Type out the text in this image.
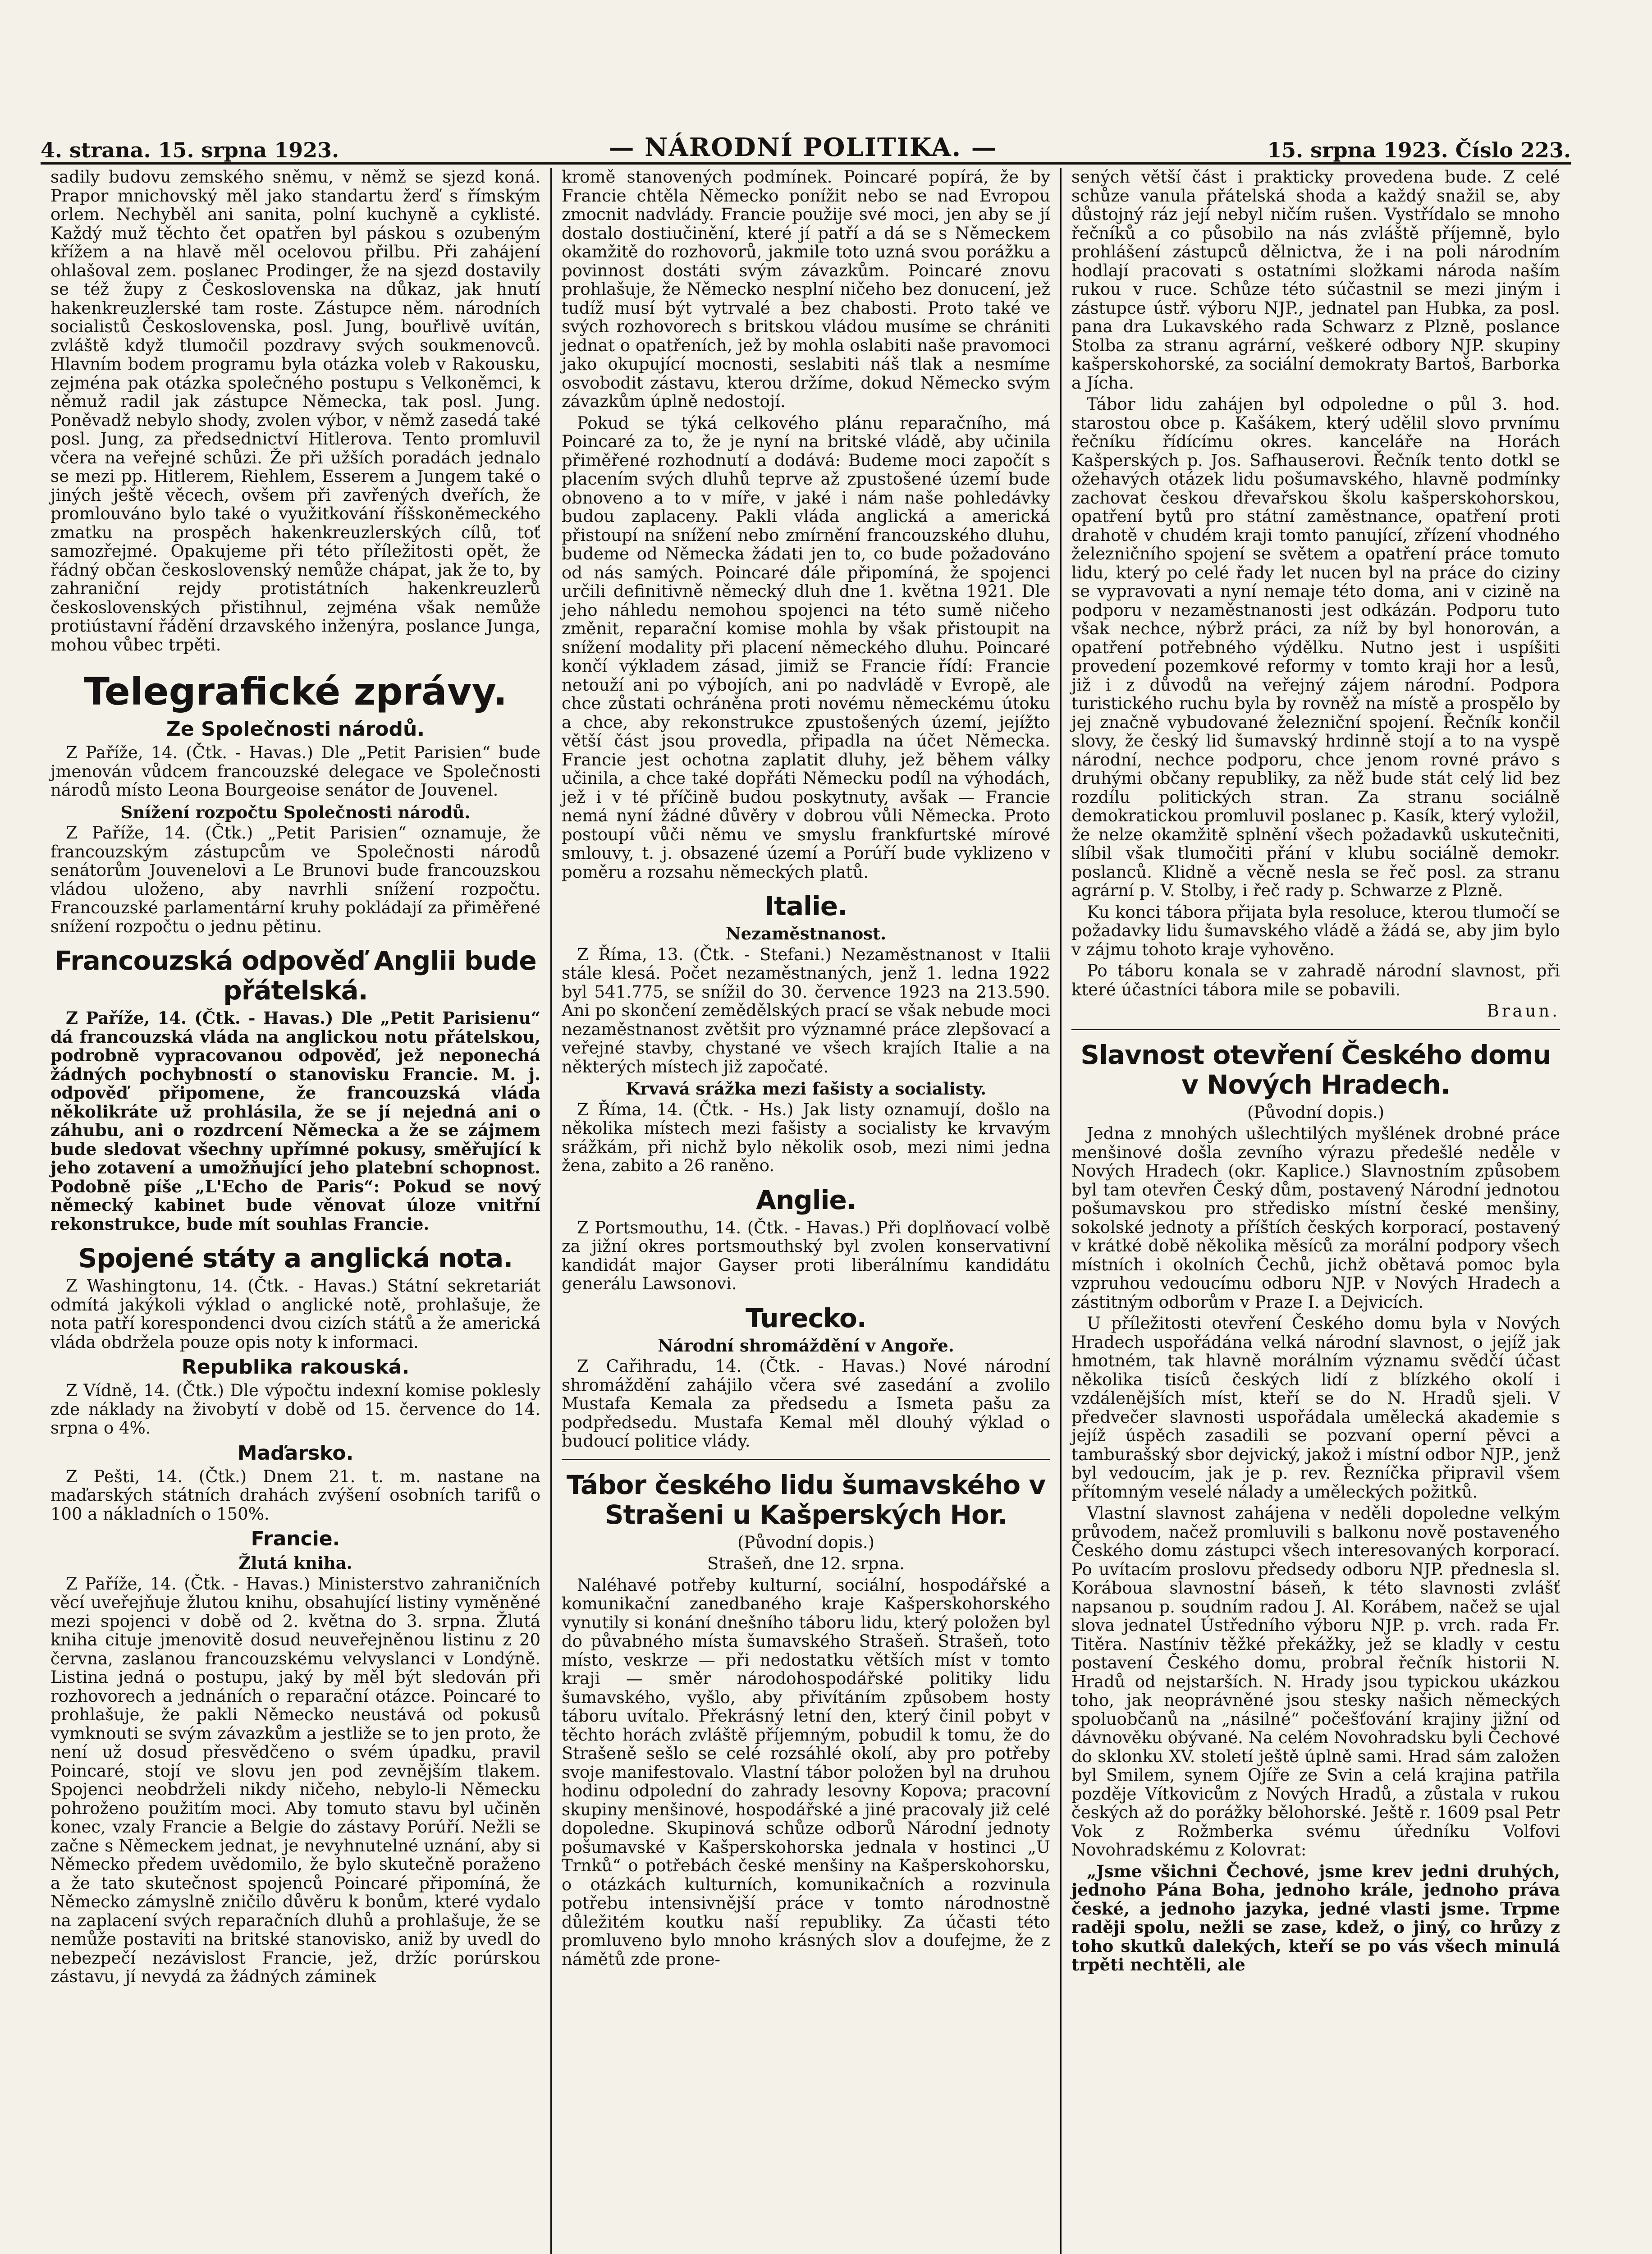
4. strana. 15. srpna 1923.	— NÁRODNÍ POLITIKA. —	15. srpna 1923. Číslo 223.

sadily budovu zemského sněmu, v němž se sjezd koná. Prapor mnichovský měl jako standartu žerď s římským orlem. Nechyběl ani sanita, polní kuchyně a cyklisté. Každý muž těchto čet opatřen byl páskou s ozubeným křížem a na hlavě měl ocelovou přilbu. Při zahájení ohlašoval zem. poslanec Prodinger, že na sjezd dostavily se též župy z Československa na důkaz, jak hnutí hakenkreuzlerské tam roste. Zástupce něm. národních socialistů Československa, posl. Jung, bouřlivě uvítán, zvláště když tlumočil pozdravy svých soukmenovců. Hlavním bodem programu byla otázka voleb v Rakousku, zejména pak otázka společného postupu s Velkoněmci, k němuž radil jak zástupce Německa, tak posl. Jung. Poněvadž nebylo shody, zvolen výbor, v němž zasedá také posl. Jung, za předsednictví Hitlerova. Tento promluvil včera na veřejné schůzi. Že při užších poradách jednalo se mezi pp. Hitlerem, Riehlem, Esserem a Jungem také o jiných ještě věcech, ovšem při zavřených dveřích, že promlouváno bylo také o využitkování říšskoněmeckého zmatku na prospěch hakenkreuzlerských cílů, toť samozřejmé. Opakujeme při této příležitosti opět, že řádný občan československý nemůže chápat, jak že to, by zahraniční rejdy protistátních hakenkreuzlerů československých přistihnul, zejména však nemůže protiústavní řádění drzavského inženýra, poslance Junga, mohou vůbec trpěti.

Telegrafické zprávy.
Ze Společnosti národů.

Z Paříže, 14. (Čtk. - Havas.) Dle „Petit Parisien“ bude jmenován vůdcem francouzské delegace ve Společnosti národů místo Leona Bourgeoise senátor de Jouvenel.

Snížení rozpočtu Společnosti národů.

Z Paříže, 14. (Čtk.) „Petit Parisien“ oznamuje, že francouzským zástupcům ve Společnosti národů senátorům Jouvenelovi a Le Brunovi bude francouzskou vládou uloženo, aby navrhli snížení rozpočtu. Francouzské parlamentární kruhy pokládají za přiměřené snížení rozpočtu o jednu pětinu.

Francouzská odpověď Anglii bude přátelská.

Z Paříže, 14. (Čtk. - Havas.) Dle „Petit Parisienu“ dá francouzská vláda na anglickou notu přátelskou, podrobně vypracovanou odpověď, jež neponechá žádných pochybností o stanovisku Francie. M. j. odpověď připomene, že francouzská vláda několikráte už prohlásila, že se jí nejedná ani o záhubu, ani o rozdrcení Německa a že se zájmem bude sledovat všechny upřímné pokusy, směřující k jeho zotavení a umožňující jeho platební schopnost. Podobně píše „L'Echo de Paris“: Pokud se nový německý kabinet bude věnovat úloze vnitřní rekonstrukce, bude mít souhlas Francie.

Spojené státy a anglická nota.

Z Washingtonu, 14. (Čtk. - Havas.) Státní sekretariát odmítá jakýkoli výklad o anglické notě, prohlašuje, že nota patří korespondenci dvou cizích států a že americká vláda obdržela pouze opis noty k informaci.

Republika rakouská.

Z Vídně, 14. (Čtk.) Dle výpočtu indexní komise poklesly zde náklady na živobytí v době od 15. července do 14. srpna o 4%.

Maďarsko.

Z Pešti, 14. (Čtk.) Dnem 21. t. m. nastane na maďarských státních drahách zvýšení osobních tarifů o 100 a nákladních o 150%.

Francie.
Žlutá kniha.

Z Paříže, 14. (Čtk. - Havas.) Ministerstvo zahraničních věcí uveřejňuje žlutou knihu, obsahující listiny vyměněné mezi spojenci v době od 2. května do 3. srpna. Žlutá kniha cituje jmenovitě dosud neuveřejněnou listinu z 20 června, zaslanou francouzskému velvyslanci v Londýně. Listina jedná o postupu, jaký by měl být sledován při rozhovorech a jednáních o reparační otázce. Poincaré to prohlašuje, že pakli Německo neustává od pokusů vymknouti se svým závazkům a jestliže se to jen proto, že není už dosud přesvědčeno o svém úpadku, pravil Poincaré, stojí ve slovu jen pod zevnějším tlakem. Spojenci neobdrželi nikdy ničeho, nebylo-li Německu pohroženo použitím moci. Aby tomuto stavu byl učiněn konec, vzaly Francie a Belgie do zástavy Porúří. Nežli se začne s Německem jednat, je nevyhnutelné uznání, aby si Německo předem uvědomilo, že bylo skutečně poraženo a že tato skutečnost spojenců Poincaré připomíná, že Německo zámyslně zničilo důvěru k bonům, které vydalo na zaplacení svých reparačních dluhů a prohlašuje, že se nemůže postaviti na britské stanovisko, aniž by uvedl do nebezpečí nezávislost Francie, jež, držíc porúrskou zástavu, jí nevydá za žádných záminek

kromě stanovených podmínek. Poincaré popírá, že by Francie chtěla Německo ponížit nebo se nad Evropou zmocnit nadvlády. Francie použije své moci, jen aby se jí dostalo dostiučinění, které jí patří a dá se s Německem okamžitě do rozhovorů, jakmile toto uzná svou porážku a povinnost dostáti svým závazkům. Poincaré znovu prohlašuje, že Německo nesplní ničeho bez donucení, jež tudíž musí být vytrvalé a bez chabosti. Proto také ve svých rozhovorech s britskou vládou musíme se chrániti jednat o opatřeních, jež by mohla oslabiti naše pravomoci jako okupující mocnosti, seslabiti náš tlak a nesmíme osvobodit zástavu, kterou držíme, dokud Německo svým závazkům úplně nedostojí.

Pokud se týká celkového plánu reparačního, má Poincaré za to, že je nyní na britské vládě, aby učinila přiměřené rozhodnutí a dodává: Budeme moci započít s placením svých dluhů teprve až zpustošené území bude obnoveno a to v míře, v jaké i nám naše pohledávky budou zaplaceny. Pakli vláda anglická a americká přistoupí na snížení nebo zmírnění francouzského dluhu, budeme od Německa žádati jen to, co bude požadováno od nás samých. Poincaré dále připomíná, že spojenci určili definitivně německý dluh dne 1. května 1921. Dle jeho náhledu nemohou spojenci na této sumě ničeho změnit, reparační komise mohla by však přistoupit na snížení modality při placení německého dluhu. Poincaré končí výkladem zásad, jimiž se Francie řídí: Francie netouží ani po výbojích, ani po nadvládě v Evropě, ale chce zůstati ochráněna proti novému německému útoku a chce, aby rekonstrukce zpustošených území, jejížto větší část jsou provedla, připadla na účet Německa. Francie jest ochotna zaplatit dluhy, jež během války učinila, a chce také dopřáti Německu podíl na výhodách, jež i v té příčině budou poskytnuty, avšak — Francie nemá nyní žádné důvěry v dobrou vůli Německa. Proto postoupí vůči němu ve smyslu frankfurtské mírové smlouvy, t. j. obsazené území a Porúří bude vyklizeno v poměru a rozsahu německých platů.

Italie.
Nezaměstnanost.

Z Říma, 13. (Čtk. - Stefani.) Nezaměstnanost v Italii stále klesá. Počet nezaměstnaných, jenž 1. ledna 1922 byl 541.775, se snížil do 30. července 1923 na 213.590. Ani po skončení zemědělských prací se však nebude moci nezaměstnanost zvětšit pro významné práce zlepšovací a veřejné stavby, chystané ve všech krajích Italie a na některých místech již započaté.

Krvavá srážka mezi fašisty a socialisty.

Z Říma, 14. (Čtk. - Hs.) Jak listy oznamují, došlo na několika místech mezi fašisty a socialisty ke krvavým srážkám, při nichž bylo několik osob, mezi nimi jedna žena, zabito a 26 raněno.

Anglie.

Z Portsmouthu, 14. (Čtk. - Havas.) Při doplňovací volbě za jižní okres portsmouthský byl zvolen konservativní kandidát major Gayser proti liberálnímu kandidátu generálu Lawsonovi.

Turecko.
Národní shromáždění v Angoře.

Z Cařihradu, 14. (Čtk. - Havas.) Nové národní shromáždění zahájilo včera své zasedání a zvolilo Mustafa Kemala za předsedu a Ismeta pašu za podpředsedu. Mustafa Kemal měl dlouhý výklad o budoucí politice vlády.

Tábor českého lidu šumavského v Strašeni u Kašperských Hor.
(Původní dopis.)
Strašeň, dne 12. srpna.

Naléhavé potřeby kulturní, sociální, hospodářské a komunikační zanedbaného kraje Kašperskohorského vynutily si konání dnešního táboru lidu, který položen byl do půvabného místa šumavského Strašeň. Strašeň, toto místo, veskrze — při nedostatku větších míst v tomto kraji — směr národohospodářské politiky lidu šumavského, vyšlo, aby přivítáním způsobem hosty táboru uvítalo. Překrásný letní den, který činil pobyt v těchto horách zvláště příjemným, pobudil k tomu, že do Strašeně sešlo se celé rozsáhlé okolí, aby pro potřeby svoje manifestovalo. Vlastní tábor položen byl na druhou hodinu odpolední do zahrady lesovny Kopova; pracovní skupiny menšinové, hospodářské a jiné pracovaly již celé dopoledne. Skupinová schůze odborů Národní jednoty pošumavské v Kašperskohorska jednala v hostinci „U Trnků“ o potřebách české menšiny na Kašperskohorsku, o otázkách kulturních, komunikačních a rozvinula potřebu intensivnější práce v tomto národnostně důležitém koutku naší republiky. Za účasti této promluveno bylo mnoho krásných slov a doufejme, že z námětů zde prone-

sených větší část i prakticky provedena bude. Z celé schůze vanula přátelská shoda a každý snažil se, aby důstojný ráz její nebyl ničím rušen. Vystřídalo se mnoho řečníků a co působilo na nás zvláště příjemně, bylo prohlášení zástupců dělnictva, že i na poli národním hodlají pracovati s ostatními složkami národa naším rukou v ruce. Schůze této súčastnil se mezi jiným i zástupce ústř. výboru NJP., jednatel pan Hubka, za posl. pana dra Lukavského rada Schwarz z Plzně, poslance Stolba za stranu agrární, veškeré odbory NJP. skupiny kašperskohorské, za sociální demokraty Bartoš, Barborka a Jícha.

Tábor lidu zahájen byl odpoledne o půl 3. hod. starostou obce p. Kašákem, který udělil slovo prvnímu řečníku řídícímu okres. kanceláře na Horách Kašperských p. Jos. Safhauserovi. Řečník tento dotkl se ožehavých otázek lidu pošumavského, hlavně podmínky zachovat českou dřevařskou školu kašperskohorskou, opatření bytů pro státní zaměstnance, opatření proti drahotě v chudém kraji tomto panující, zřízení vhodného železničního spojení se světem a opatření práce tomuto lidu, který po celé řady let nucen byl na práce do ciziny se vypravovati a nyní nemaje této doma, ani v cizině na podporu v nezaměstnanosti jest odkázán. Podporu tuto však nechce, nýbrž práci, za níž by byl honorován, a opatření potřebného výdělku. Nutno jest i uspíšiti provedení pozemkové reformy v tomto kraji hor a lesů, již i z důvodů na veřejný zájem národní. Podpora turistického ruchu byla by rovněž na místě a prospělo by jej značně vybudované železniční spojení. Řečník končil slovy, že český lid šumavský hrdinně stojí a to na vyspě národní, nechce podporu, chce jenom rovné právo s druhými občany republiky, za něž bude stát celý lid bez rozdílu politických stran. Za stranu sociálně demokratickou promluvil poslanec p. Kasík, který vyložil, že nelze okamžitě splnění všech požadavků uskutečniti, slíbil však tlumočiti přání v klubu sociálně demokr. poslanců. Klidně a věcně nesla se řeč posl. za stranu agrární p. V. Stolby, i řeč rady p. Schwarze z Plzně.

Ku konci tábora přijata byla resoluce, kterou tlumočí se požadavky lidu šumavského vládě a žádá se, aby jim bylo v zájmu tohoto kraje vyhověno.

Po táboru konala se v zahradě národní slavnost, při které účastníci tábora mile se pobavili.

Braun.
Slavnost otevření Českého domu v Nových Hradech.
(Původní dopis.)

Jedna z mnohých ušlechtilých myšlének drobné práce menšinové došla zevního výrazu předešlé neděle v Nových Hradech (okr. Kaplice.) Slavnostním způsobem byl tam otevřen Český dům, postavený Národní jednotou pošumavskou pro středisko místní české menšiny, sokolské jednoty a příštích českých korporací, postavený v krátké době několika měsíců za morální podpory všech místních i okolních Čechů, jichž obětavá pomoc byla vzpruhou vedoucímu odboru NJP. v Nových Hradech a zástitným odborům v Praze I. a Dejvicích.

U příležitosti otevření Českého domu byla v Nových Hradech uspořádána velká národní slavnost, o jejíž jak hmotném, tak hlavně morálním významu svědčí účast několika tisíců českých lidí z blízkého okolí i vzdálenějších míst, kteří se do N. Hradů sjeli. V předvečer slavnosti uspořádala umělecká akademie s jejíž úspěch zasadili se pozvaní operní pěvci a tamburašský sbor dejvický, jakož i místní odbor NJP., jenž byl vedoucím, jak je p. rev. Řezníčka připravil všem přítomným veselé nálady a uměleckých požitků.

Vlastní slavnost zahájena v neděli dopoledne velkým průvodem, načež promluvili s balkonu nově postaveného Českého domu zástupci všech interesovaných korporací. Po uvítacím proslovu předsedy odboru NJP. přednesla sl. Koráboua slavnostní báseň, k této slavnosti zvlášť napsanou p. soudním radou J. Al. Korábem, načež se ujal slova jednatel Ústředního výboru NJP. p. vrch. rada Fr. Titěra. Nastíniv těžké překážky, jež se kladly v cestu postavení Českého domu, probral řečník historii N. Hradů od nejstarších. N. Hrady jsou typickou ukázkou toho, jak neoprávněné jsou stesky našich německých spoluobčanů na „násilné“ počešťování krajiny jižní od dávnověku obývané. Na celém Novohradsku byli Čechové do sklonku XV. století ještě úplně sami. Hrad sám založen byl Smilem, synem Ojíře ze Svin a celá krajina patřila pozděje Vítkovicům z Nových Hradů, a zůstala v rukou českých až do porážky bělohorské. Ještě r. 1609 psal Petr Vok z Rožmberka svému úředníku Volfovi Novohradskému z Kolovrat:

„Jsme všichni Čechové, jsme krev jedni druhých, jednoho Pána Boha, jednoho krále, jednoho práva české, a jednoho jazyka, jedné vlasti jsme. Trpme raději spolu, nežli se zase, kdež, o jiný, co hrůzy z toho skutků dalekých, kteří se po vás všech minulá trpěti nechtěli, ale
